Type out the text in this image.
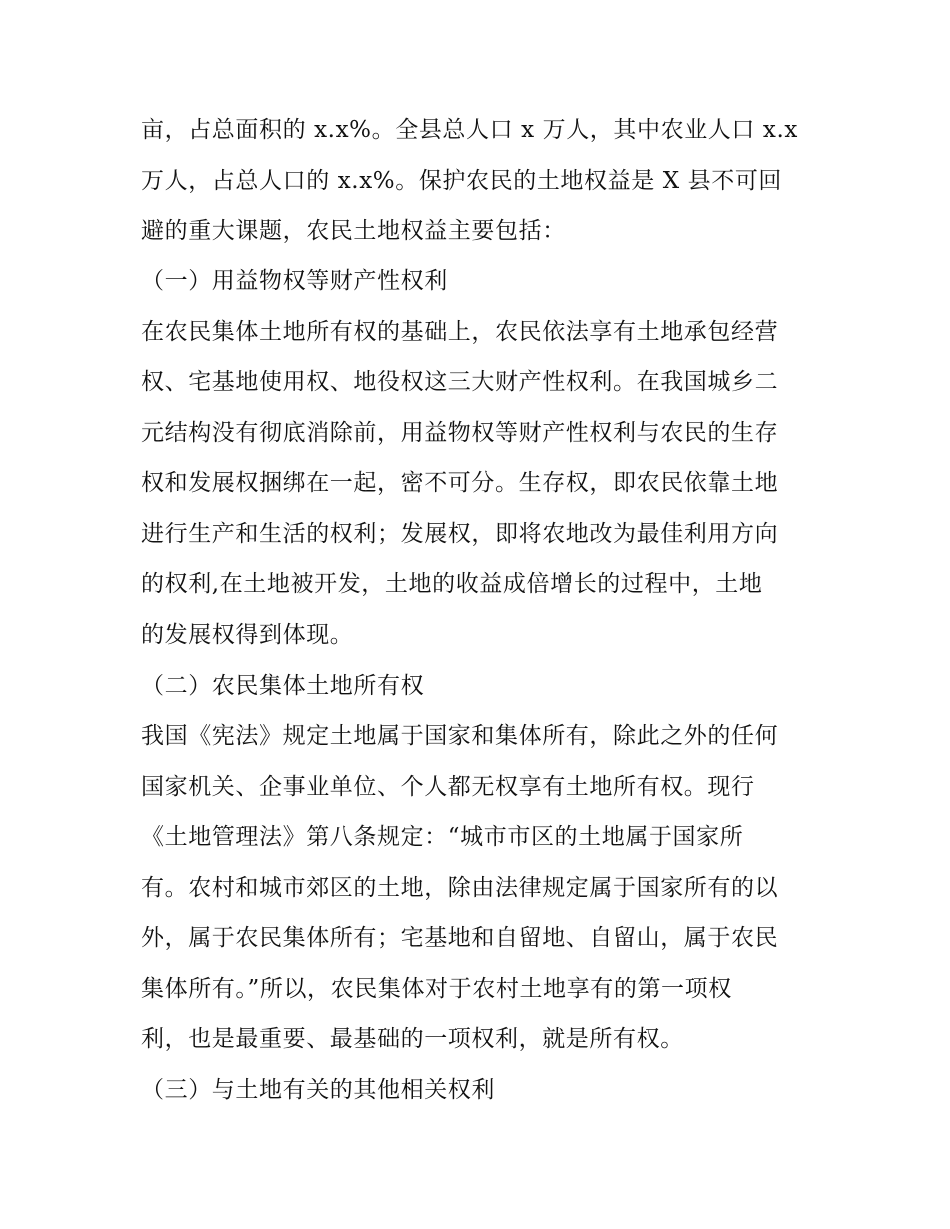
亩，占总面积的 x.x%。全县总人口 x 万人，其中农业人口 x.x
万人，占总人口的 x.x%。保护农民的土地权益是 X 县不可回
避的重大课题，农民土地权益主要包括：
（一）用益物权等财产性权利
在农民集体土地所有权的基础上，农民依法享有土地承包经营
权、宅基地使用权、地役权这三大财产性权利。在我国城乡二
元结构没有彻底消除前，用益物权等财产性权利与农民的生存
权和发展权捆绑在一起，密不可分。生存权，即农民依靠土地
进行生产和生活的权利；发展权，即将农地改为最佳利用方向
的权利,在土地被开发，土地的收益成倍增长的过程中，土地
的发展权得到体现。
（二）农民集体土地所有权
我国《宪法》规定土地属于国家和集体所有，除此之外的任何
国家机关、企事业单位、个人都无权享有土地所有权。现行
《土地管理法》第八条规定：“城市市区的土地属于国家所
有。农村和城市郊区的土地，除由法律规定属于国家所有的以
外，属于农民集体所有；宅基地和自留地、自留山，属于农民
集体所有。”所以，农民集体对于农村土地享有的第一项权
利，也是最重要、最基础的一项权利，就是所有权。
（三）与土地有关的其他相关权利
